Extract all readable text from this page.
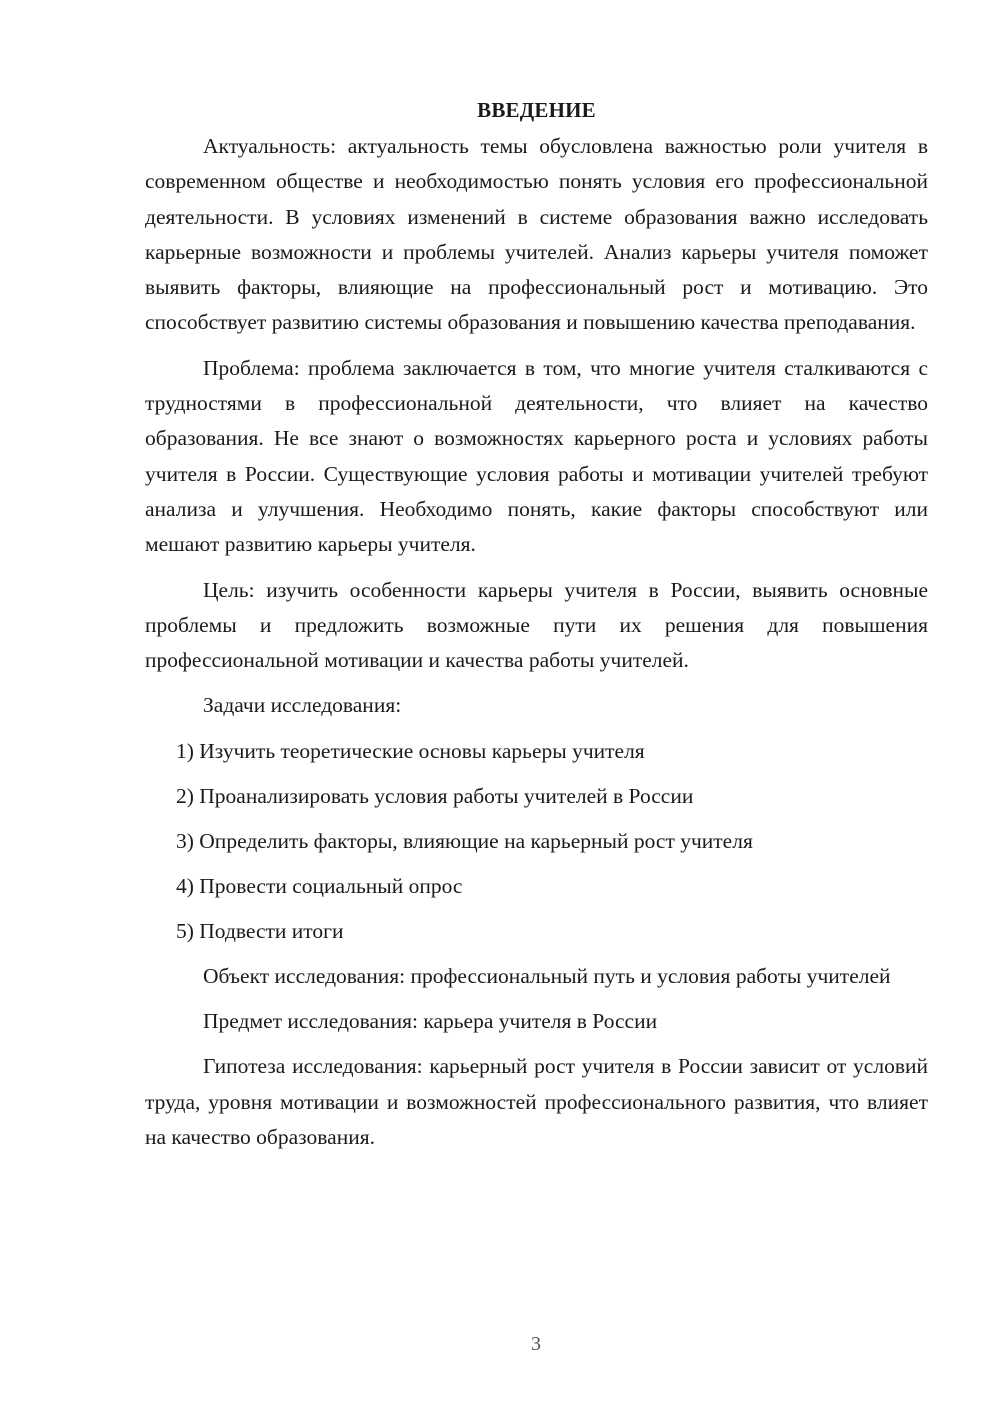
ВВЕДЕНИЕ

Актуальность: актуальность темы обусловлена важностью роли учителя в современном обществе и необходимостью понять условия его профессиональной деятельности. В условиях изменений в системе образования важно исследовать карьерные возможности и проблемы учителей. Анализ карьеры учителя поможет выявить факторы, влияющие на профессиональный рост и мотивацию. Это способствует развитию системы образования и повышению качества преподавания.

Проблема: проблема заключается в том, что многие учителя сталкиваются с трудностями в профессиональной деятельности, что влияет на качество образования. Не все знают о возможностях карьерного роста и условиях работы учителя в России. Существующие условия работы и мотивации учителей требуют анализа и улучшения. Необходимо понять, какие факторы способствуют или мешают развитию карьеры учителя.

Цель: изучить особенности карьеры учителя в России, выявить основные проблемы и предложить возможные пути их решения для повышения профессиональной мотивации и качества работы учителей.

Задачи исследования:

1) Изучить теоретические основы карьеры учителя
2) Проанализировать условия работы учителей в России
3) Определить факторы, влияющие на карьерный рост учителя
4) Провести социальный опрос
5) Подвести итоги

Объект исследования: профессиональный путь и условия работы учителей

Предмет исследования: карьера учителя в России

Гипотеза исследования: карьерный рост учителя в России зависит от условий труда, уровня мотивации и возможностей профессионального развития, что влияет на качество образования.

3
